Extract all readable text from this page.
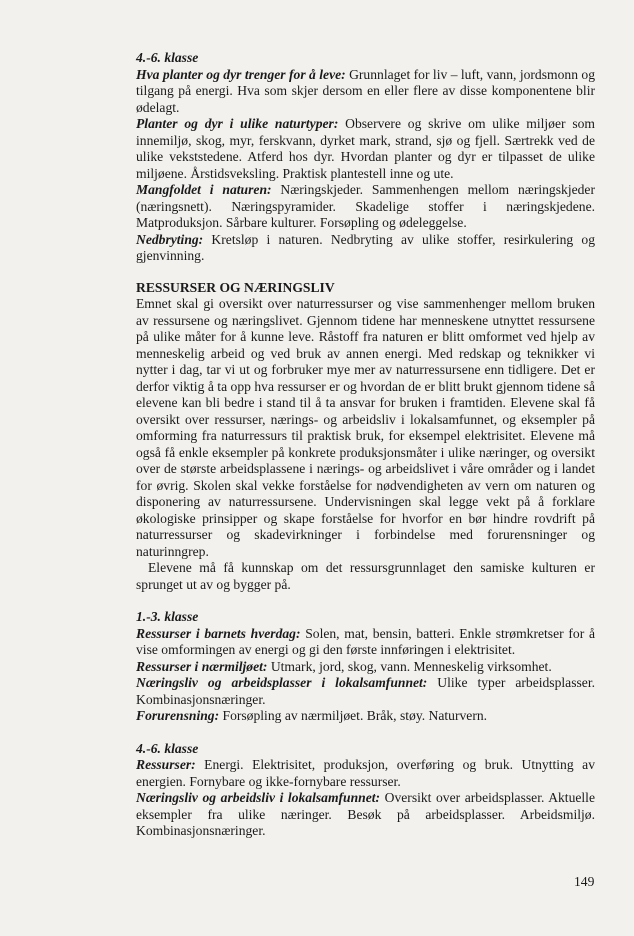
4.-6. klasse

Hva planter og dyr trenger for å leve: Grunnlaget for liv – luft, vann, jordsmonn og tilgang på energi. Hva som skjer dersom en eller flere av disse komponentene blir ødelagt.

Planter og dyr i ulike naturtyper: Observere og skrive om ulike miljøer som innemiljø, skog, myr, ferskvann, dyrket mark, strand, sjø og fjell. Særtrekk ved de ulike vekststedene. Atferd hos dyr. Hvordan planter og dyr er tilpasset de ulike miljøene. Årstidsveksling. Praktisk plantestell inne og ute.

Mangfoldet i naturen: Næringskjeder. Sammenhengen mellom næringskjeder (næringsnett). Næringspyramider. Skadelige stoffer i næringskjedene. Matproduksjon. Sårbare kulturer. Forsøpling og ødeleggelse.

Nedbryting: Kretsløp i naturen. Nedbryting av ulike stoffer, resirkulering og gjenvinning.

RESSURSER OG NÆRINGSLIV

Emnet skal gi oversikt over naturressurser og vise sammenhenger mellom bruken av ressursene og næringslivet. Gjennom tidene har menneskene utnyttet ressursene på ulike måter for å kunne leve. Råstoff fra naturen er blitt omformet ved hjelp av menneskelig arbeid og ved bruk av annen energi. Med redskap og teknikker vi nytter i dag, tar vi ut og forbruker mye mer av naturressursene enn tidligere. Det er derfor viktig å ta opp hva ressurser er og hvordan de er blitt brukt gjennom tidene så elevene kan bli bedre i stand til å ta ansvar for bruken i framtiden. Elevene skal få oversikt over ressurser, nærings- og arbeidsliv i lokalsamfunnet, og eksempler på omforming fra naturressurs til praktisk bruk, for eksempel elektrisitet. Elevene må også få enkle eksempler på konkrete produksjonsmåter i ulike næringer, og oversikt over de største arbeidsplassene i nærings- og arbeidslivet i våre områder og i landet for øvrig. Skolen skal vekke forståelse for nødvendigheten av vern om naturen og disponering av naturressursene. Undervisningen skal legge vekt på å forklare økologiske prinsipper og skape forståelse for hvorfor en bør hindre rovdrift på naturressurser og skadevirkninger i forbindelse med forurensninger og naturinngrep.

Elevene må få kunnskap om det ressursgrunnlaget den samiske kulturen er sprunget ut av og bygger på.

1.-3. klasse

Ressurser i barnets hverdag: Solen, mat, bensin, batteri. Enkle strømkretser for å vise omformingen av energi og gi den første innføringen i elektrisitet.

Ressurser i nærmiljøet: Utmark, jord, skog, vann. Menneskelig virksomhet.

Næringsliv og arbeidsplasser i lokalsamfunnet: Ulike typer arbeidsplasser. Kombinasjonsnæringer.

Forurensning: Forsøpling av nærmiljøet. Bråk, støy. Naturvern.

4.-6. klasse

Ressurser: Energi. Elektrisitet, produksjon, overføring og bruk. Utnytting av energien. Fornybare og ikke-fornybare ressurser.

Næringsliv og arbeidsliv i lokalsamfunnet: Oversikt over arbeidsplasser. Aktuelle eksempler fra ulike næringer. Besøk på arbeidsplasser. Arbeidsmiljø. Kombinasjonsnæringer.

149
